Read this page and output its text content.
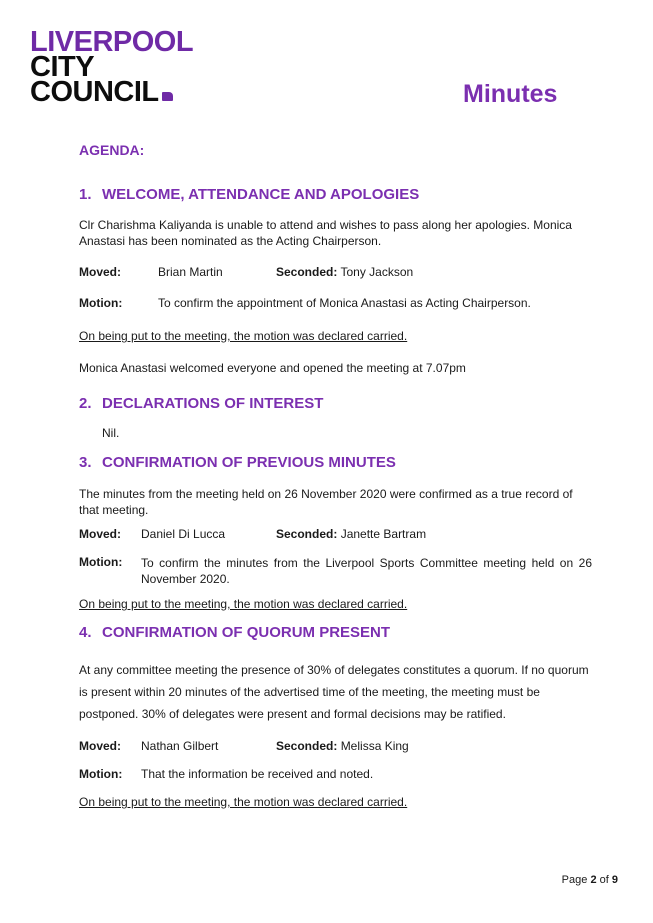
LIVERPOOL
CITY
COUNCIL	Minutes
AGENDA:
1. WELCOME, ATTENDANCE AND APOLOGIES
Clr Charishma Kaliyanda is unable to attend and wishes to pass along her apologies. Monica Anastasi has been nominated as the Acting Chairperson.
Moved:	Brian Martin	Seconded: Tony Jackson
Motion:	To confirm the appointment of Monica Anastasi as Acting Chairperson.
On being put to the meeting, the motion was declared carried.
Monica Anastasi welcomed everyone and opened the meeting at 7.07pm
2. DECLARATIONS OF INTEREST
Nil.
3. CONFIRMATION OF PREVIOUS MINUTES
The minutes from the meeting held on 26 November 2020 were confirmed as a true record of that meeting.
Moved: Daniel Di Lucca	Seconded: Janette Bartram
Motion: To confirm the minutes from the Liverpool Sports Committee meeting held on 26 November 2020.
On being put to the meeting, the motion was declared carried.
4. CONFIRMATION OF QUORUM PRESENT
At any committee meeting the presence of 30% of delegates constitutes a quorum. If no quorum is present within 20 minutes of the advertised time of the meeting, the meeting must be postponed. 30% of delegates were present and formal decisions may be ratified.
Moved: Nathan Gilbert	Seconded: Melissa King
Motion: That the information be received and noted.
On being put to the meeting, the motion was declared carried.
Page 2 of 9
